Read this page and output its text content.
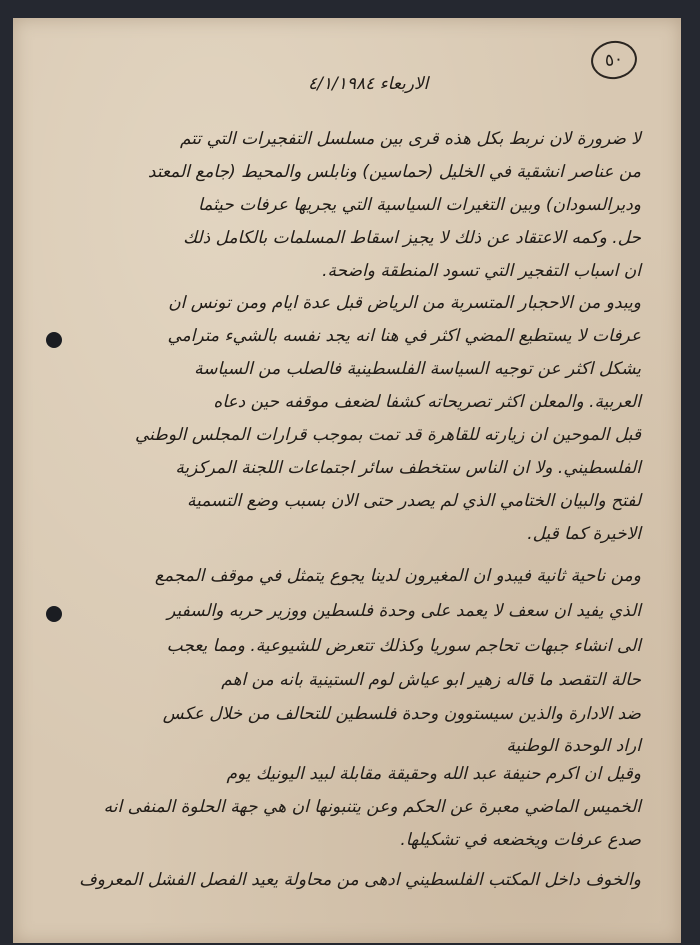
٥٠
الاربعاء ٤/١/١٩٨٤
لا ضرورة لان نربط بكل هذه قرى بين مسلسل التفجيرات التي تتم
من عناصر انشقية في الخليل (حماسين) ونابلس والمحيط (جامع المعتد
وديرالسودان) وبين التغيرات السياسية التي يجريها عرفات حيثما
حل. وكمه الاعتقاد عن ذلك لا يجيز اسقاط المسلمات بالكامل ذلك
ان اسباب التفجير التي تسود المنطقة واضحة.
ويبدو من الاحجبار المتسربة من الرياض قبل عدة ايام ومن تونس ان
عرفات لا يستطيع المضي اكثر في هنا انه يجد نفسه بالشيء مترامي
يشكل اكثر عن توجيه السياسة الفلسطينية فالصلب من السياسة
العربية. والمعلن اكثر تصريحاته كشفا لضعف موقفه حين دعاه
قبل الموحين ان زيارته للقاهرة قد تمت بموجب قرارات المجلس الوطني
الفلسطيني. ولا ان الناس ستخطف سائر اجتماعات اللجنة المركزية
لفتح والبيان الختامي الذي لم يصدر حتى الان بسبب وضع التسمية
الاخيرة كما قيل.
ومن ناحية ثانية فيبدو ان المغيرون لدينا يجوع يتمثل في موقف المجمع
الذي يفيد ان سعف لا يعمد على وحدة فلسطين ووزير حربه والسفير
الى انشاء جبهات تحاجم سوريا وكذلك تتعرض للشيوعية. ومما يعجب
حالة التقصد ما قاله زهير ابو عياش لوم الستينية بانه من اهم
ضد الادارة والذين سيستوون وحدة فلسطين للتحالف من خلال عكس
اراد الوحدة الوطنية
وقيل ان اكرم حنيفة عبد الله وحقيقة مقابلة لبيد اليونيك يوم
الخميس الماضي معبرة عن الحكم وعن يتنبونها ان هي جهة الحلوة المنفى انه
صدع عرفات ويخضعه في تشكيلها.
والخوف داخل المكتب الفلسطيني ادهى من محاولة يعيد الفصل الفشل المعروف
